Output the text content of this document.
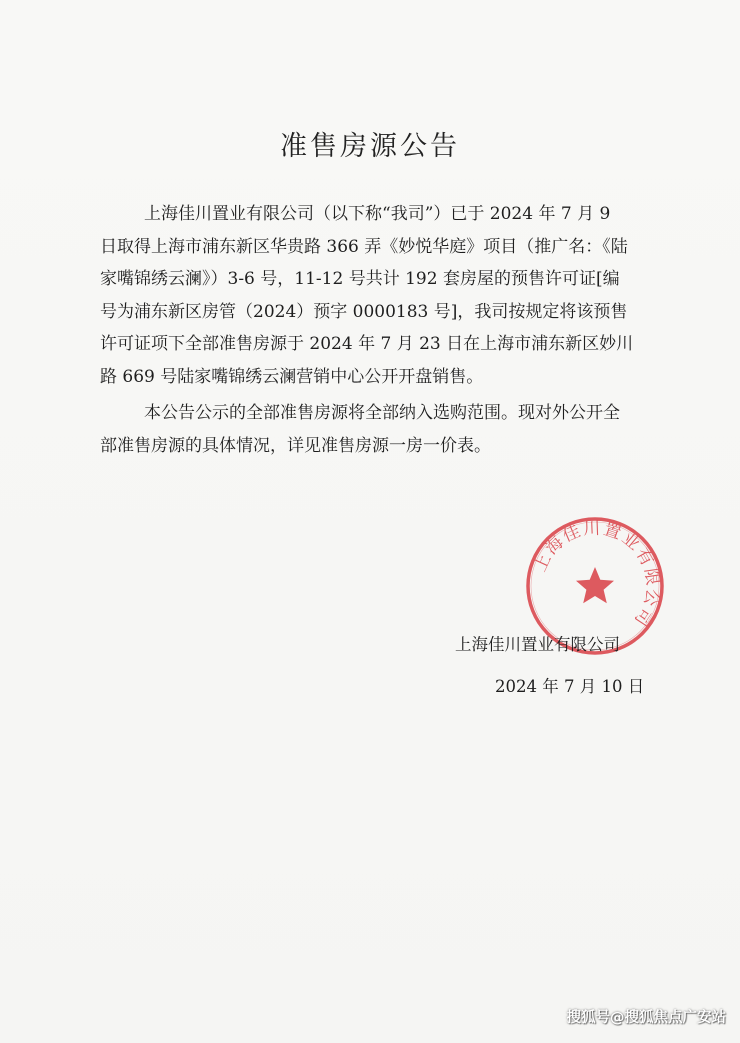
准售房源公告

上海佳川置业有限公司（以下称“我司”）已于 2024 年 7 月 9
日取得上海市浦东新区华贵路 366 弄《妙悦华庭》项目（推广名：《陆
家嘴锦绣云澜》）3-6 号，11-12 号共计 192 套房屋的预售许可证[编
号为浦东新区房管（2024）预字 0000183 号]，我司按规定将该预售
许可证项下全部准售房源于 2024 年 7 月 23 日在上海市浦东新区妙川
路 669 号陆家嘴锦绣云澜营销中心公开开盘销售。

本公告公示的全部准售房源将全部纳入选购范围。现对外公开全
部准售房源的具体情况，详见准售房源一房一价表。

上海佳川置业有限公司
上海佳川置业有限公司
2024 年 7 月 10 日
搜狐号@搜狐焦点广安站
